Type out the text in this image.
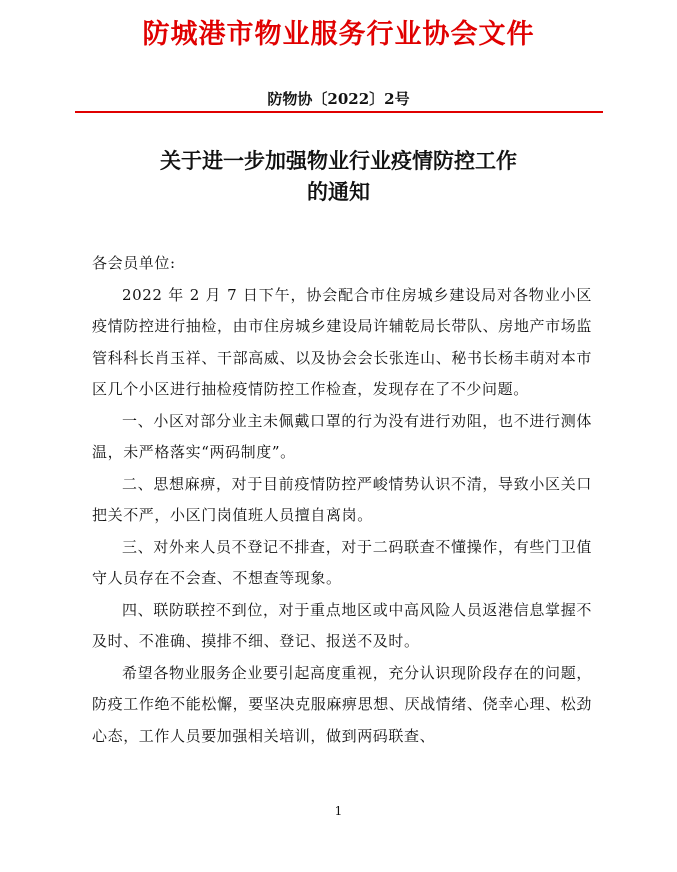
防城港市物业服务行业协会文件
防物协〔2022〕2号
关于进一步加强物业行业疫情防控工作
的通知

各会员单位:

2022 年 2 月 7 日下午，协会配合市住房城乡建设局对各物业小区疫情防控进行抽检，由市住房城乡建设局许辅乾局长带队、房地产市场监管科科长肖玉祥、干部高威、以及协会会长张连山、秘书长杨丰萌对本市区几个小区进行抽检疫情防控工作检查，发现存在了不少问题。

一、小区对部分业主未佩戴口罩的行为没有进行劝阻，也不进行测体温，未严格落实“两码制度”。

二、思想麻痹，对于目前疫情防控严峻情势认识不清，导致小区关口把关不严，小区门岗值班人员擅自离岗。

三、对外来人员不登记不排查，对于二码联查不懂操作，有些门卫值守人员存在不会查、不想查等现象。

四、联防联控不到位，对于重点地区或中高风险人员返港信息掌握不及时、不准确、摸排不细、登记、报送不及时。

希望各物业服务企业要引起高度重视，充分认识现阶段存在的问题，防疫工作绝不能松懈，要坚决克服麻痹思想、厌战情绪、侥幸心理、松劲心态，工作人员要加强相关培训，做到两码联查、

1
